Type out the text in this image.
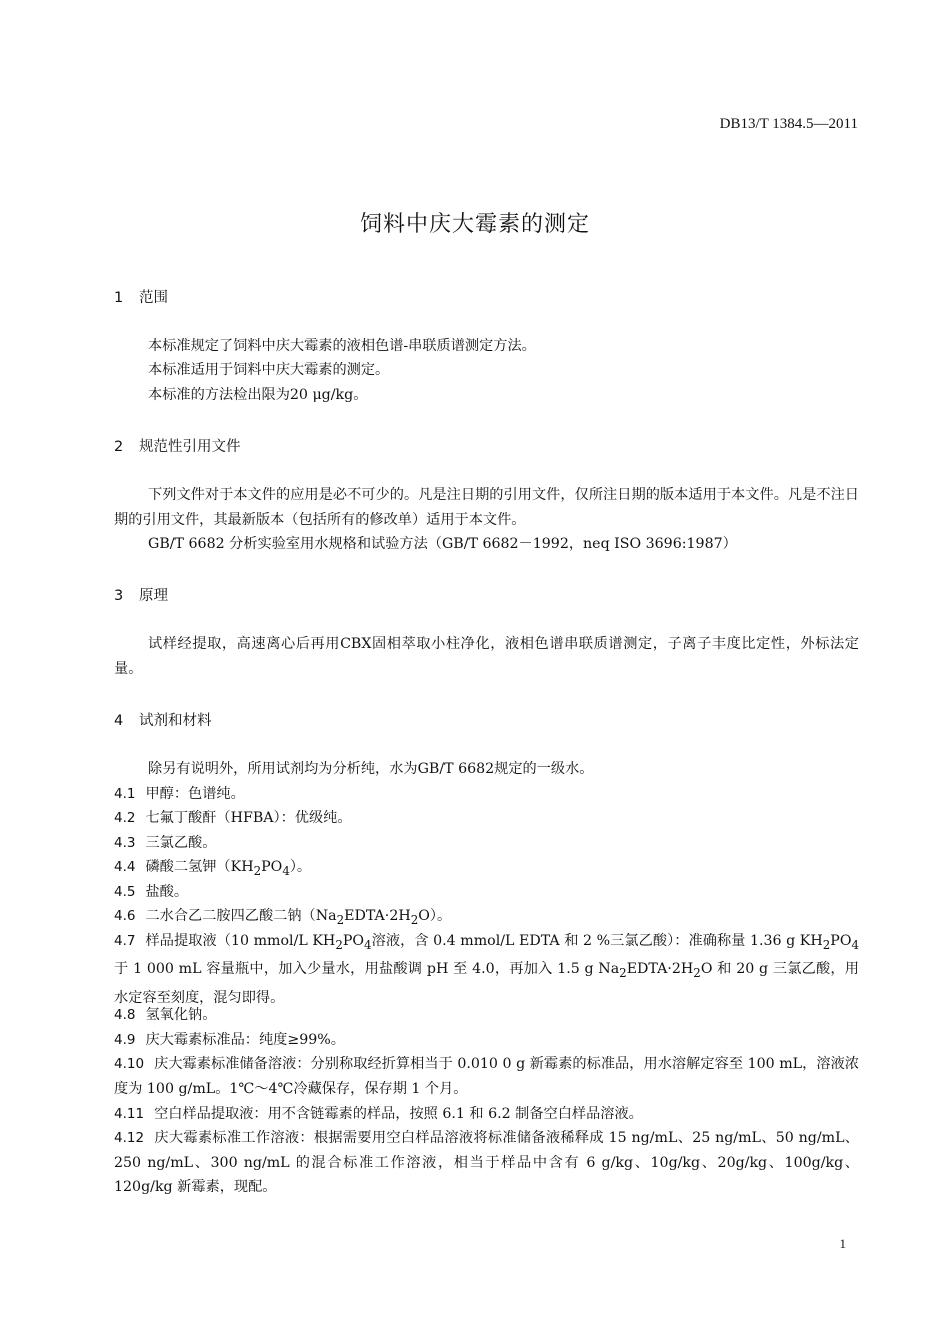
DB13/T 1384.5—2011
饲料中庆大霉素的测定
1 范围
本标准规定了饲料中庆大霉素的液相色谱-串联质谱测定方法。
本标准适用于饲料中庆大霉素的测定。
本标准的方法检出限为20 μg/kg。
2 规范性引用文件
下列文件对于本文件的应用是必不可少的。凡是注日期的引用文件，仅所注日期的版本适用于本文件。凡是不注日期的引用文件，其最新版本（包括所有的修改单）适用于本文件。
GB/T 6682 分析实验室用水规格和试验方法（GB/T 6682－1992，neq ISO 3696:1987）
3 原理
试样经提取，高速离心后再用CBX固相萃取小柱净化，液相色谱串联质谱测定，子离子丰度比定性，外标法定量。
4 试剂和材料
除另有说明外，所用试剂均为分析纯，水为GB/T 6682规定的一级水。
4.1 甲醇：色谱纯。
4.2 七氟丁酸酐（HFBA）：优级纯。
4.3 三氯乙酸。
4.4 磷酸二氢钾$(KH_2PO_4)$。
4.5 盐酸。
4.6 二水合乙二胺四乙酸二钠$(Na_2EDTA\cdot 2H_2O)$。
4.7 样品提取液（10 mmol/L $KH_2PO_4$溶液，含 0.4 mmol/L EDTA 和 2 %三氯乙酸）：准确称量 1.36 g $KH_2PO_4$于 1 000 mL 容量瓶中，加入少量水，用盐酸调 pH 至 4.0，再加入 1.5 g $Na_2EDTA\cdot 2H_2O$ 和 20 g 三氯乙酸，用水定容至刻度，混匀即得。
4.8 氢氧化钠。
4.9 庆大霉素标准品：纯度≥99%。
4.10 庆大霉素标准储备溶液：分别称取经折算相当于 0.010 0 g 新霉素的标准品，用水溶解定容至 100 mL，溶液浓度为 100 g/mL。1℃～4℃冷藏保存，保存期 1 个月。
4.11 空白样品提取液：用不含链霉素的样品，按照 6.1 和 6.2 制备空白样品溶液。
4.12 庆大霉素标准工作溶液：根据需要用空白样品溶液将标准储备液稀释成 15 ng/mL、25 ng/mL、50 ng/mL、250 ng/mL、300 ng/mL 的混合标准工作溶液，相当于样品中含有 6 g/kg、10g/kg、20g/kg、100g/kg、120g/kg 新霉素，现配。
1
